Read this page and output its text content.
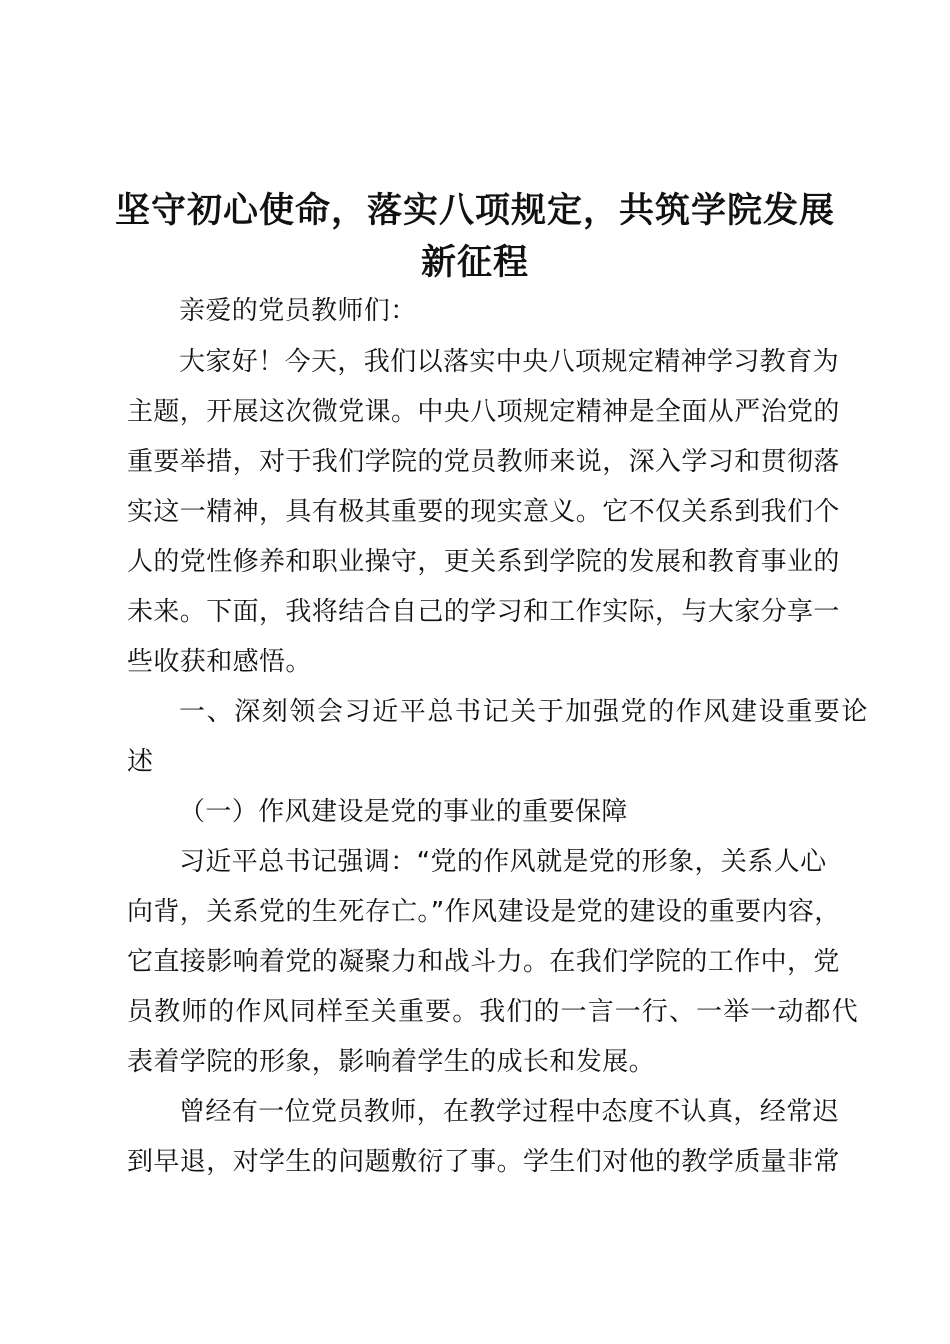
坚守初心使命，落实八项规定，共筑学院发展
新征程
亲爱的党员教师们：
大家好！今天，我们以落实中央八项规定精神学习教育为
主题，开展这次微党课。中央八项规定精神是全面从严治党的
重要举措，对于我们学院的党员教师来说，深入学习和贯彻落
实这一精神，具有极其重要的现实意义。它不仅关系到我们个
人的党性修养和职业操守，更关系到学院的发展和教育事业的
未来。下面，我将结合自己的学习和工作实际，与大家分享一
些收获和感悟。
一、深刻领会习近平总书记关于加强党的作风建设重要论
述
（一）作风建设是党的事业的重要保障
习近平总书记强调：“党的作风就是党的形象，关系人心
向背，关系党的生死存亡。”作风建设是党的建设的重要内容，
它直接影响着党的凝聚力和战斗力。在我们学院的工作中，党
员教师的作风同样至关重要。我们的一言一行、一举一动都代
表着学院的形象，影响着学生的成长和发展。
曾经有一位党员教师，在教学过程中态度不认真，经常迟
到早退，对学生的问题敷衍了事。学生们对他的教学质量非常
